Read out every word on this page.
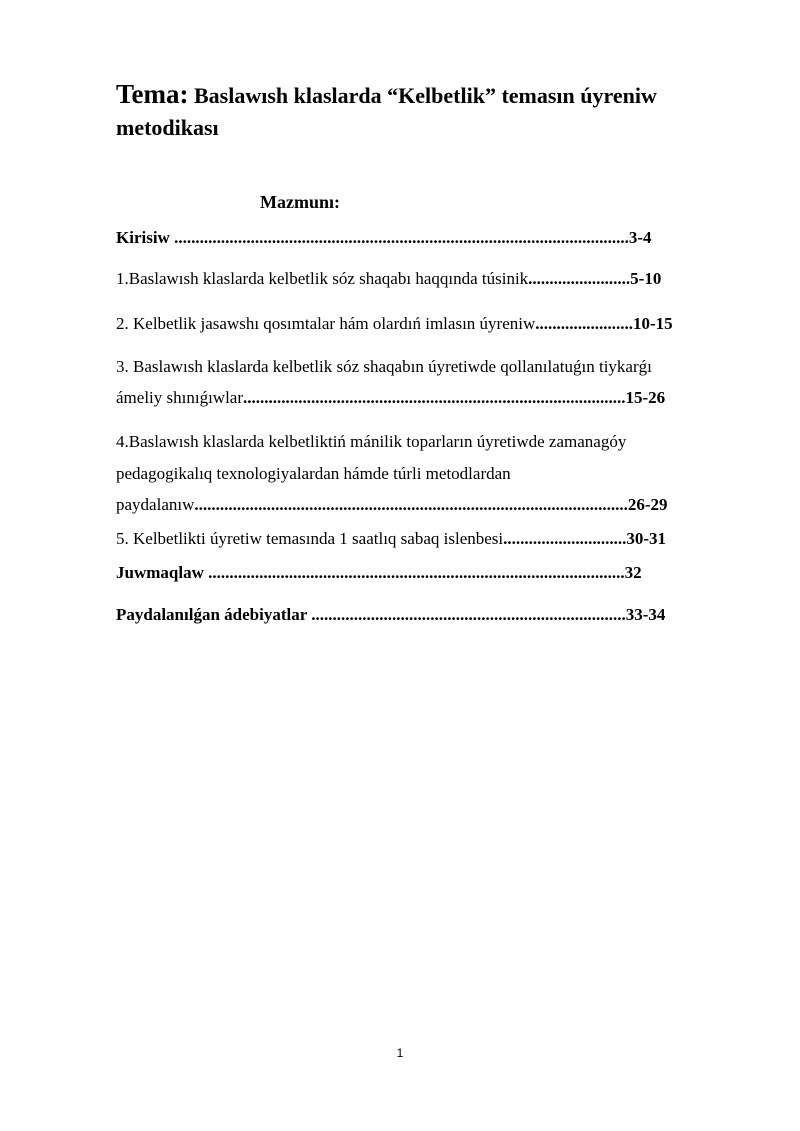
Tema: Baslawısh klaslarda “Kelbetlik” temasın úyreniw metodikası
Mazmunı:
Kirisiw ...........................................................................................................3-4
1.Baslawısh klaslarda kelbetlik sóz shaqabı haqqında túsinik........................5-10
2. Kelbetlik jasawshı qosımtalar hám olardıń imlasın úyreniw.......................10-15
3. Baslawısh klaslarda kelbetlik sóz shaqabın úyretiwde qollanılatuǵın tiykarǵı
ámeliy shınıǵıwlar..........................................................................................15-26
4.Baslawısh klaslarda kelbetliktiń mánilik toparların úyretiwde zamanagóy
pedagogikalıq texnologiyalardan hámde túrli metodlardan
paydalanıw......................................................................................................26-29
5. Kelbetlikti úyretiw temasında 1 saatlıq sabaq islenbesi.............................30-31
Juwmaqlaw ..................................................................................................32
Paydalanılǵan ádebiyatlar ..........................................................................33-34
1
